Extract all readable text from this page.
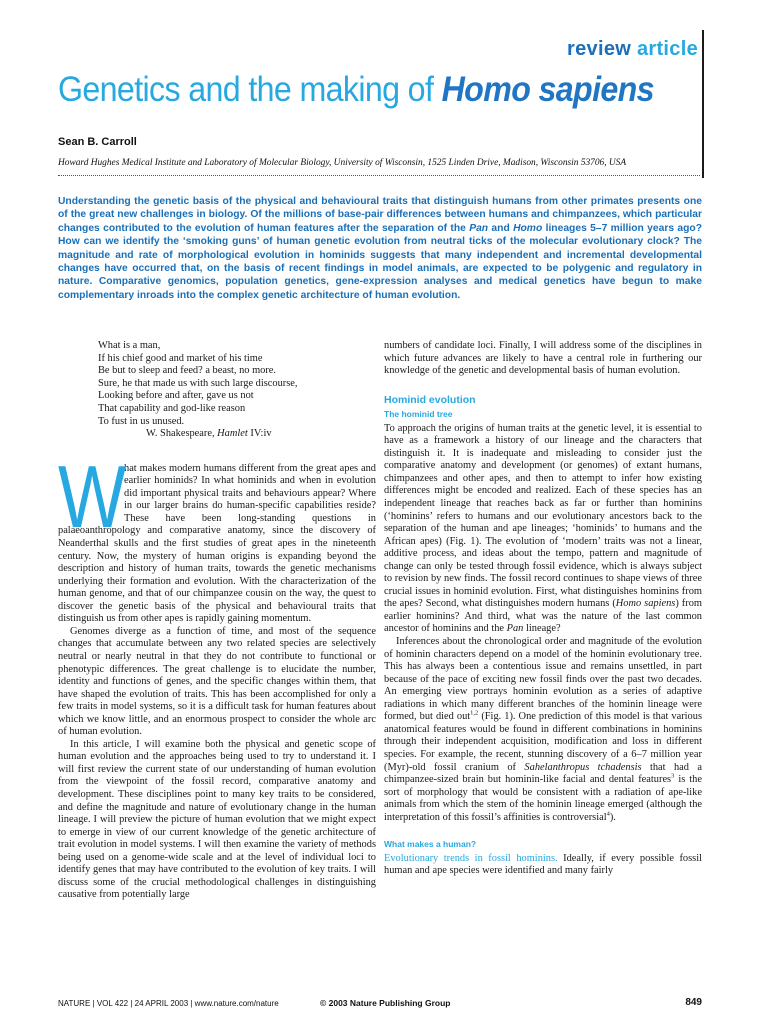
review article
Genetics and the making of Homo sapiens
Sean B. Carroll
Howard Hughes Medical Institute and Laboratory of Molecular Biology, University of Wisconsin, 1525 Linden Drive, Madison, Wisconsin 53706, USA
Understanding the genetic basis of the physical and behavioural traits that distinguish humans from other primates presents one of the great new challenges in biology. Of the millions of base-pair differences between humans and chimpanzees, which particular changes contributed to the evolution of human features after the separation of the Pan and Homo lineages 5–7 million years ago? How can we identify the ‘smoking guns’ of human genetic evolution from neutral ticks of the molecular evolutionary clock? The magnitude and rate of morphological evolution in hominids suggests that many independent and incremental developmental changes have occurred that, on the basis of recent findings in model animals, are expected to be polygenic and regulatory in nature. Comparative genomics, population genetics, gene-expression analyses and medical genetics have begun to make complementary inroads into the complex genetic architecture of human evolution.
What is a man,
If his chief good and market of his time
Be but to sleep and feed? a beast, no more.
Sure, he that made us with such large discourse,
Looking before and after, gave us not
That capability and god-like reason
To fust in us unused.
W. Shakespeare, Hamlet IV:iv
W

hat makes modern humans different from the great apes and earlier hominids? In what hominids and when in evolution did important physical traits and behaviours appear? Where in our larger brains do human-specific capabilities reside? These have been long-standing questions in palaeoanthropology and comparative anatomy, since the discovery of Neanderthal skulls and the first studies of great apes in the nineteenth century. Now, the mystery of human origins is expanding beyond the description and history of human traits, towards the genetic mechanisms underlying their formation and evolution. With the characterization of the human genome, and that of our chimpanzee cousin on the way, the quest to discover the genetic basis of the physical and behavioural traits that distinguish us from other apes is rapidly gaining momentum.

Genomes diverge as a function of time, and most of the sequence changes that accumulate between any two related species are selectively neutral or nearly neutral in that they do not contribute to functional or phenotypic differences. The great challenge is to elucidate the number, identity and functions of genes, and the specific changes within them, that have shaped the evolution of traits. This has been accomplished for only a few traits in model systems, so it is a difficult task for human features about which we know little, and an enormous prospect to consider the whole arc of human evolution.

In this article, I will examine both the physical and genetic scope of human evolution and the approaches being used to try to understand it. I will first review the current state of our understanding of human evolution from the viewpoint of the fossil record, comparative anatomy and development. These disciplines point to many key traits to be considered, and define the magnitude and nature of evolutionary change in the human lineage. I will preview the picture of human evolution that we might expect to emerge in view of our current knowledge of the genetic architecture of trait evolution in model systems. I will then examine the variety of methods being used on a genome-wide scale and at the level of individual loci to identify genes that may have contributed to the evolution of key traits. I will discuss some of the crucial methodological challenges in distinguishing causative from potentially large

numbers of candidate loci. Finally, I will address some of the disciplines in which future advances are likely to have a central role in furthering our knowledge of the genetic and developmental basis of human evolution.

Hominid evolution
The hominid tree

To approach the origins of human traits at the genetic level, it is essential to have as a framework a history of our lineage and the characters that distinguish it. It is inadequate and misleading to consider just the comparative anatomy and development (or genomes) of extant humans, chimpanzees and other apes, and then to attempt to infer how existing differences might be encoded and realized. Each of these species has an independent lineage that reaches back as far or further than hominins (‘hominins’ refers to humans and our evolutionary ancestors back to the separation of the human and ape lineages; ‘hominids’ to humans and the African apes) (Fig. 1). The evolution of ‘modern’ traits was not a linear, additive process, and ideas about the tempo, pattern and magnitude of change can only be tested through fossil evidence, which is always subject to revision by new finds. The fossil record continues to shape views of three crucial issues in hominid evolution. First, what distinguishes hominins from the apes? Second, what distinguishes modern humans (Homo sapiens) from earlier hominins? And third, what was the nature of the last common ancestor of hominins and the Pan lineage?

Inferences about the chronological order and magnitude of the evolution of hominin characters depend on a model of the hominin evolutionary tree. This has always been a contentious issue and remains unsettled, in part because of the pace of exciting new fossil finds over the past two decades. An emerging view portrays hominin evolution as a series of adaptive radiations in which many different branches of the hominin lineage were formed, but died out$^{1,2}$ (Fig. 1). One prediction of this model is that various anatomical features would be found in different combinations in hominins through their independent acquisition, modification and loss in different species. For example, the recent, stunning discovery of a 6–7 million year (Myr)-old fossil cranium of Sahelanthropus tchadensis that had a chimpanzee-sized brain but hominin-like facial and dental features$^3$ is the sort of morphology that would be consistent with a radiation of ape-like animals from which the stem of the hominin lineage emerged (although the interpretation of this fossil’s affinities is controversial$^4$).

What makes a human?

Evolutionary trends in fossil hominins. Ideally, if every possible fossil human and ape species were identified and many fairly

NATURE | VOL 422 | 24 APRIL 2003 | www.nature.com/nature	© 2003 Nature Publishing Group	849
